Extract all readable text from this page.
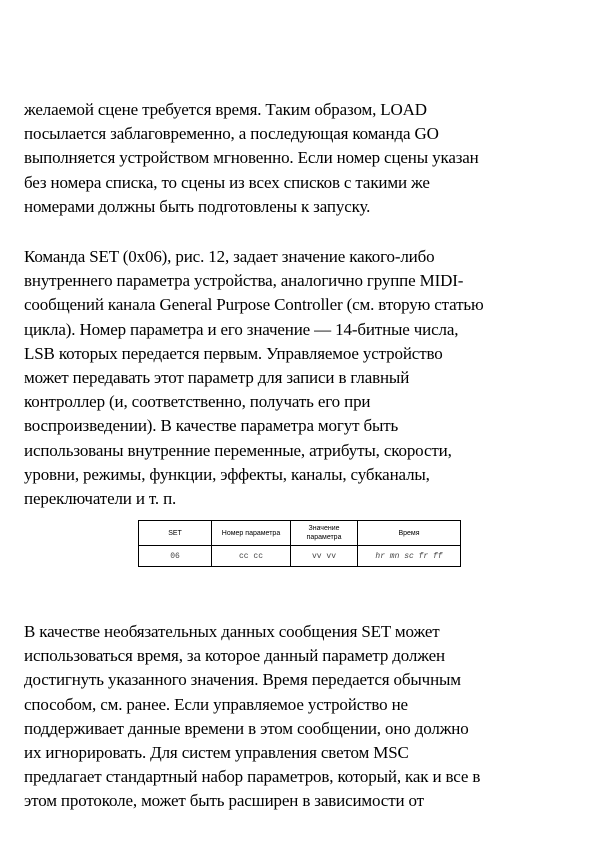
желаемой сцене требуется время. Таким образом, LOAD
посылается заблаговременно, а последующая команда GO
выполняется устройством мгновенно. Если номер сцены указан
без номера списка, то сцены из всех списков с такими же
номерами должны быть подготовлены к запуску.
Команда SET (0x06), рис. 12, задает значение какого-либо
внутреннего параметра устройства, аналогично группе MIDI-
сообщений канала General Purpose Controller (см. вторую статью
цикла). Номер параметра и его значение — 14-битные числа,
LSB которых передается первым. Управляемое устройство
может передавать этот параметр для записи в главный
контроллер (и, соответственно, получать его при
воспроизведении). В качестве параметра могут быть
использованы внутренние переменные, атрибуты, скорости,
уровни, режимы, функции, эффекты, каналы, субканалы,
переключатели и т. п.
SET	Номер параметра	Значение параметра	Время
06	cc cc	vv vv	hr mn sc fr ff
В качестве необязательных данных сообщения SET может
использоваться время, за которое данный параметр должен
достигнуть указанного значения. Время передается обычным
способом, см. ранее. Если управляемое устройство не
поддерживает данные времени в этом сообщении, оно должно
их игнорировать. Для систем управления светом MSC
предлагает стандартный набор параметров, который, как и все в
этом протоколе, может быть расширен в зависимости от
